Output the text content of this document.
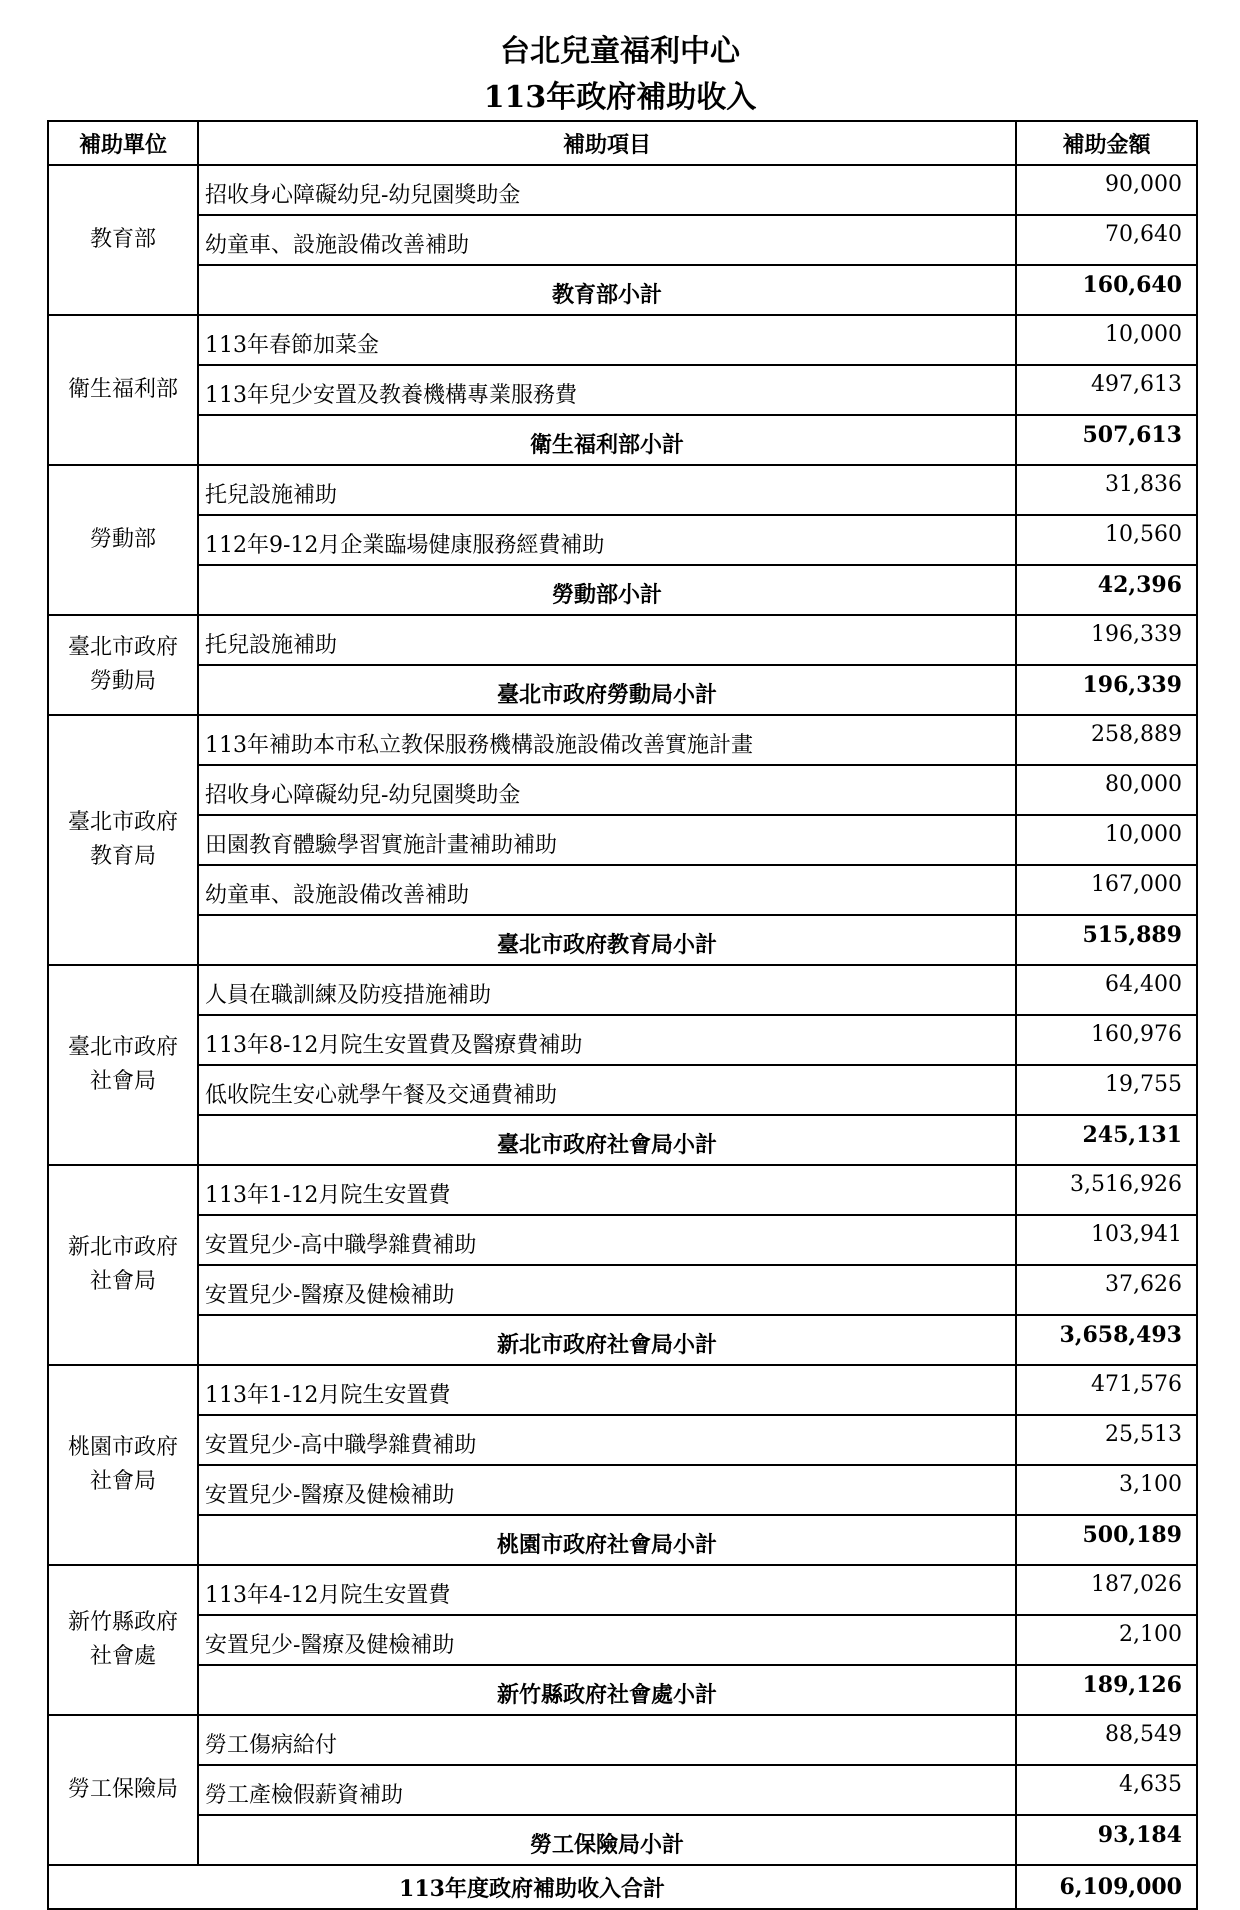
台北兒童福利中心
113年政府補助收入
補助單位	補助項目	補助金額

教育部	招收身心障礙幼兒-幼兒園獎助金	90,000
	幼童車、設施設備改善補助	70,640
	教育部小計	160,640

衛生福利部	113年春節加菜金	10,000
	113年兒少安置及教養機構專業服務費	497,613
	衛生福利部小計	507,613

勞動部	托兒設施補助	31,836
	112年9-12月企業臨場健康服務經費補助	10,560
	勞動部小計	42,396

臺北市政府
勞動局	托兒設施補助	196,339
	臺北市政府勞動局小計	196,339

臺北市政府
教育局	113年補助本市私立教保服務機構設施設備改善實施計畫	258,889
	招收身心障礙幼兒-幼兒園獎助金	80,000
	田園教育體驗學習實施計畫補助補助	10,000
	幼童車、設施設備改善補助	167,000
	臺北市政府教育局小計	515,889

臺北市政府
社會局	人員在職訓練及防疫措施補助	64,400
	113年8-12月院生安置費及醫療費補助	160,976
	低收院生安心就學午餐及交通費補助	19,755
	臺北市政府社會局小計	245,131

新北市政府
社會局	113年1-12月院生安置費	3,516,926
	安置兒少-高中職學雜費補助	103,941
	安置兒少-醫療及健檢補助	37,626
	新北市政府社會局小計	3,658,493

桃園市政府
社會局	113年1-12月院生安置費	471,576
	安置兒少-高中職學雜費補助	25,513
	安置兒少-醫療及健檢補助	3,100
	桃園市政府社會局小計	500,189

新竹縣政府
社會處	113年4-12月院生安置費	187,026
	安置兒少-醫療及健檢補助	2,100
	新竹縣政府社會處小計	189,126

勞工保險局	勞工傷病給付	88,549
	勞工產檢假薪資補助	4,635
	勞工保險局小計	93,184
113年度政府補助收入合計		6,109,000
